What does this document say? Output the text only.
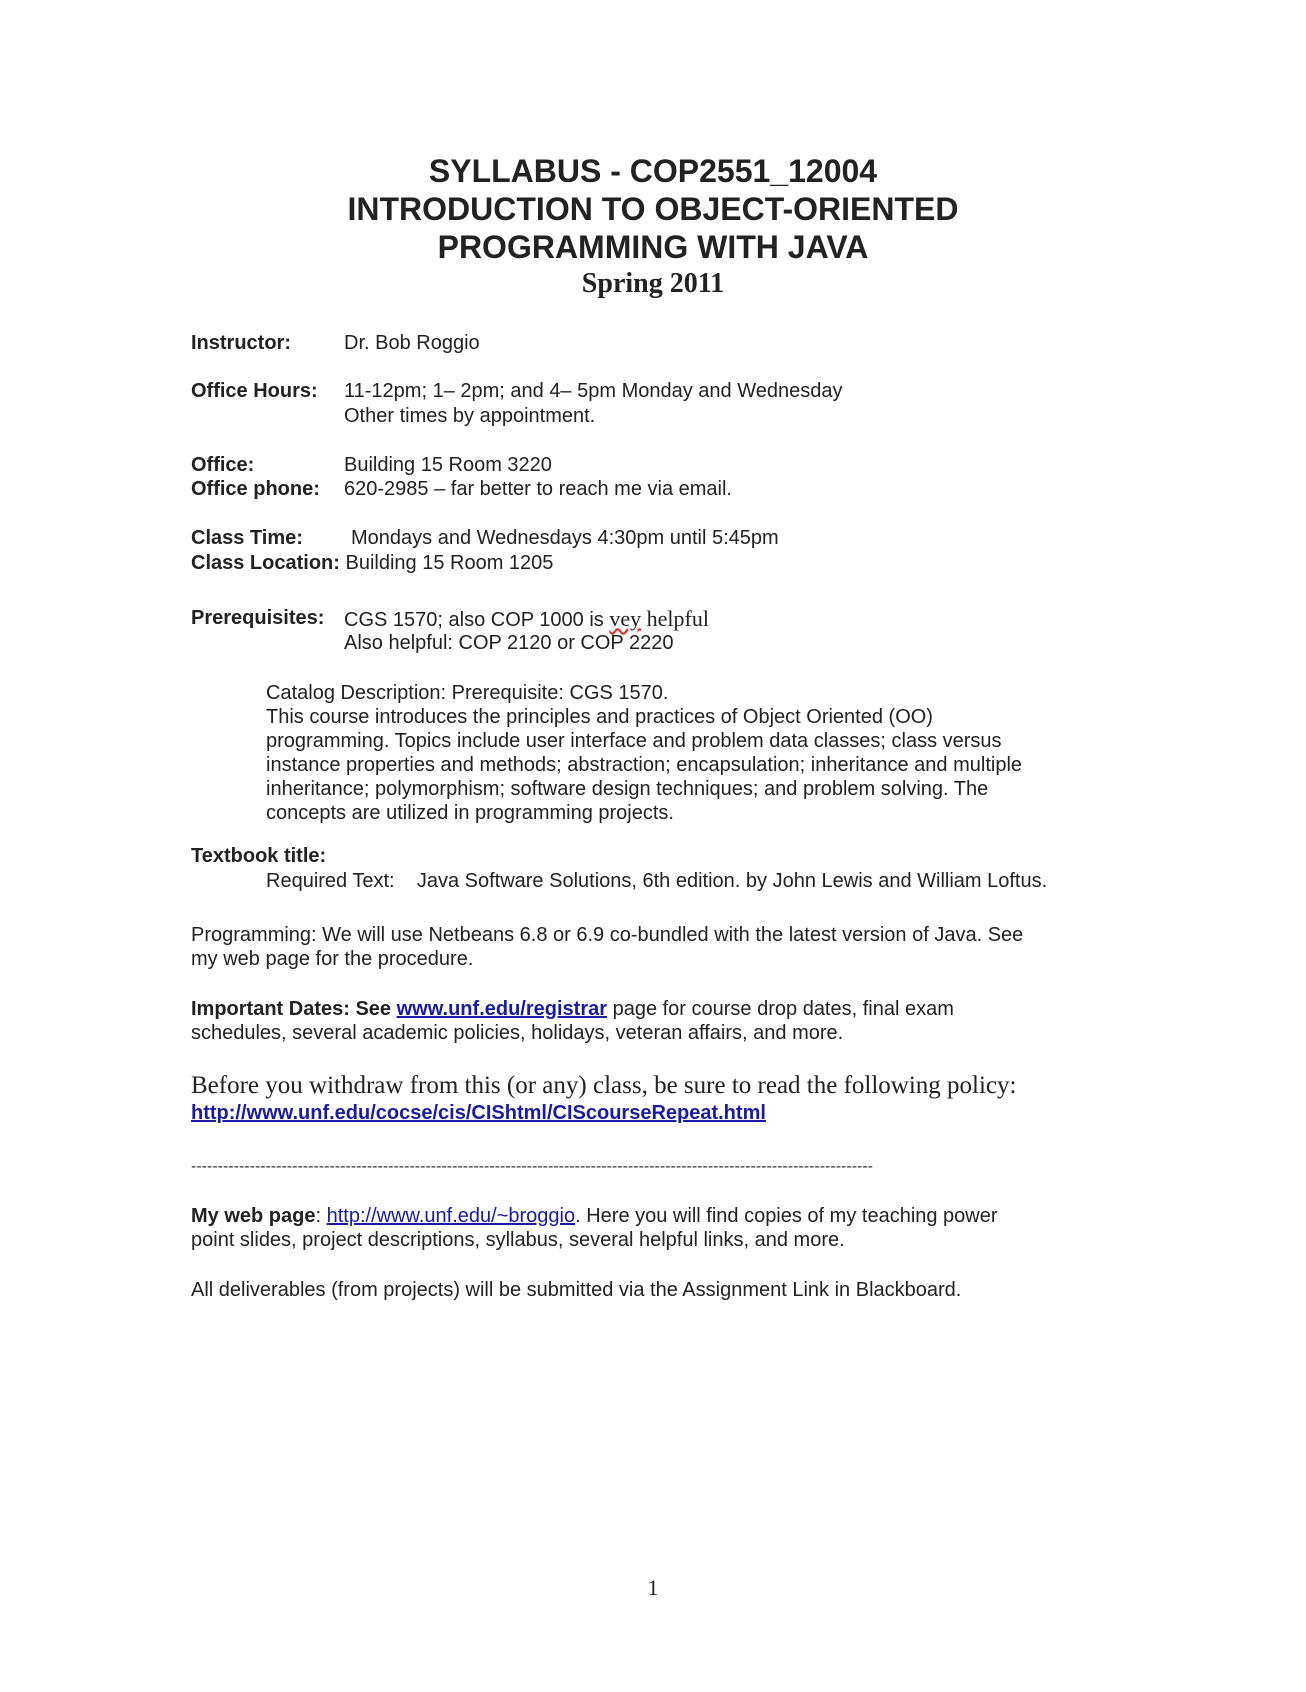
SYLLABUS - COP2551_12004
INTRODUCTION TO OBJECT-ORIENTED
PROGRAMMING WITH JAVA
Spring 2011
Instructor:	Dr. Bob Roggio
Office Hours: 11-12pm; 1– 2pm; and 4– 5pm Monday and Wednesday
Other times by appointment.
Office:	Building 15 Room 3220
Office phone: 620-2985 – far better to reach me via email.
Class Time: Mondays and Wednesdays 4:30pm until 5:45pm
Class Location: Building 15 Room 1205
Prerequisites: CGS 1570; also COP 1000 is vey helpful
Also helpful: COP 2120 or COP 2220
Catalog Description: Prerequisite: CGS 1570.
This course introduces the principles and practices of Object Oriented (OO)
programming. Topics include user interface and problem data classes; class versus
instance properties and methods; abstraction; encapsulation; inheritance and multiple
inheritance; polymorphism; software design techniques; and problem solving. The
concepts are utilized in programming projects.
Textbook title:
Required Text: Java Software Solutions, 6th edition. by John Lewis and William Loftus.
Programming: We will use Netbeans 6.8 or 6.9 co-bundled with the latest version of Java. See
my web page for the procedure.
Important Dates: See www.unf.edu/registrar page for course drop dates, final exam
schedules, several academic policies, holidays, veteran affairs, and more.
Before you withdraw from this (or any) class, be sure to read the following policy:
http://www.unf.edu/cocse/cis/CIShtml/CIScourseRepeat.html
--------------------------------------------------------------------------------------------------------------------------------
My web page: http://www.unf.edu/~broggio. Here you will find copies of my teaching power
point slides, project descriptions, syllabus, several helpful links, and more.
All deliverables (from projects) will be submitted via the Assignment Link in Blackboard.
1
